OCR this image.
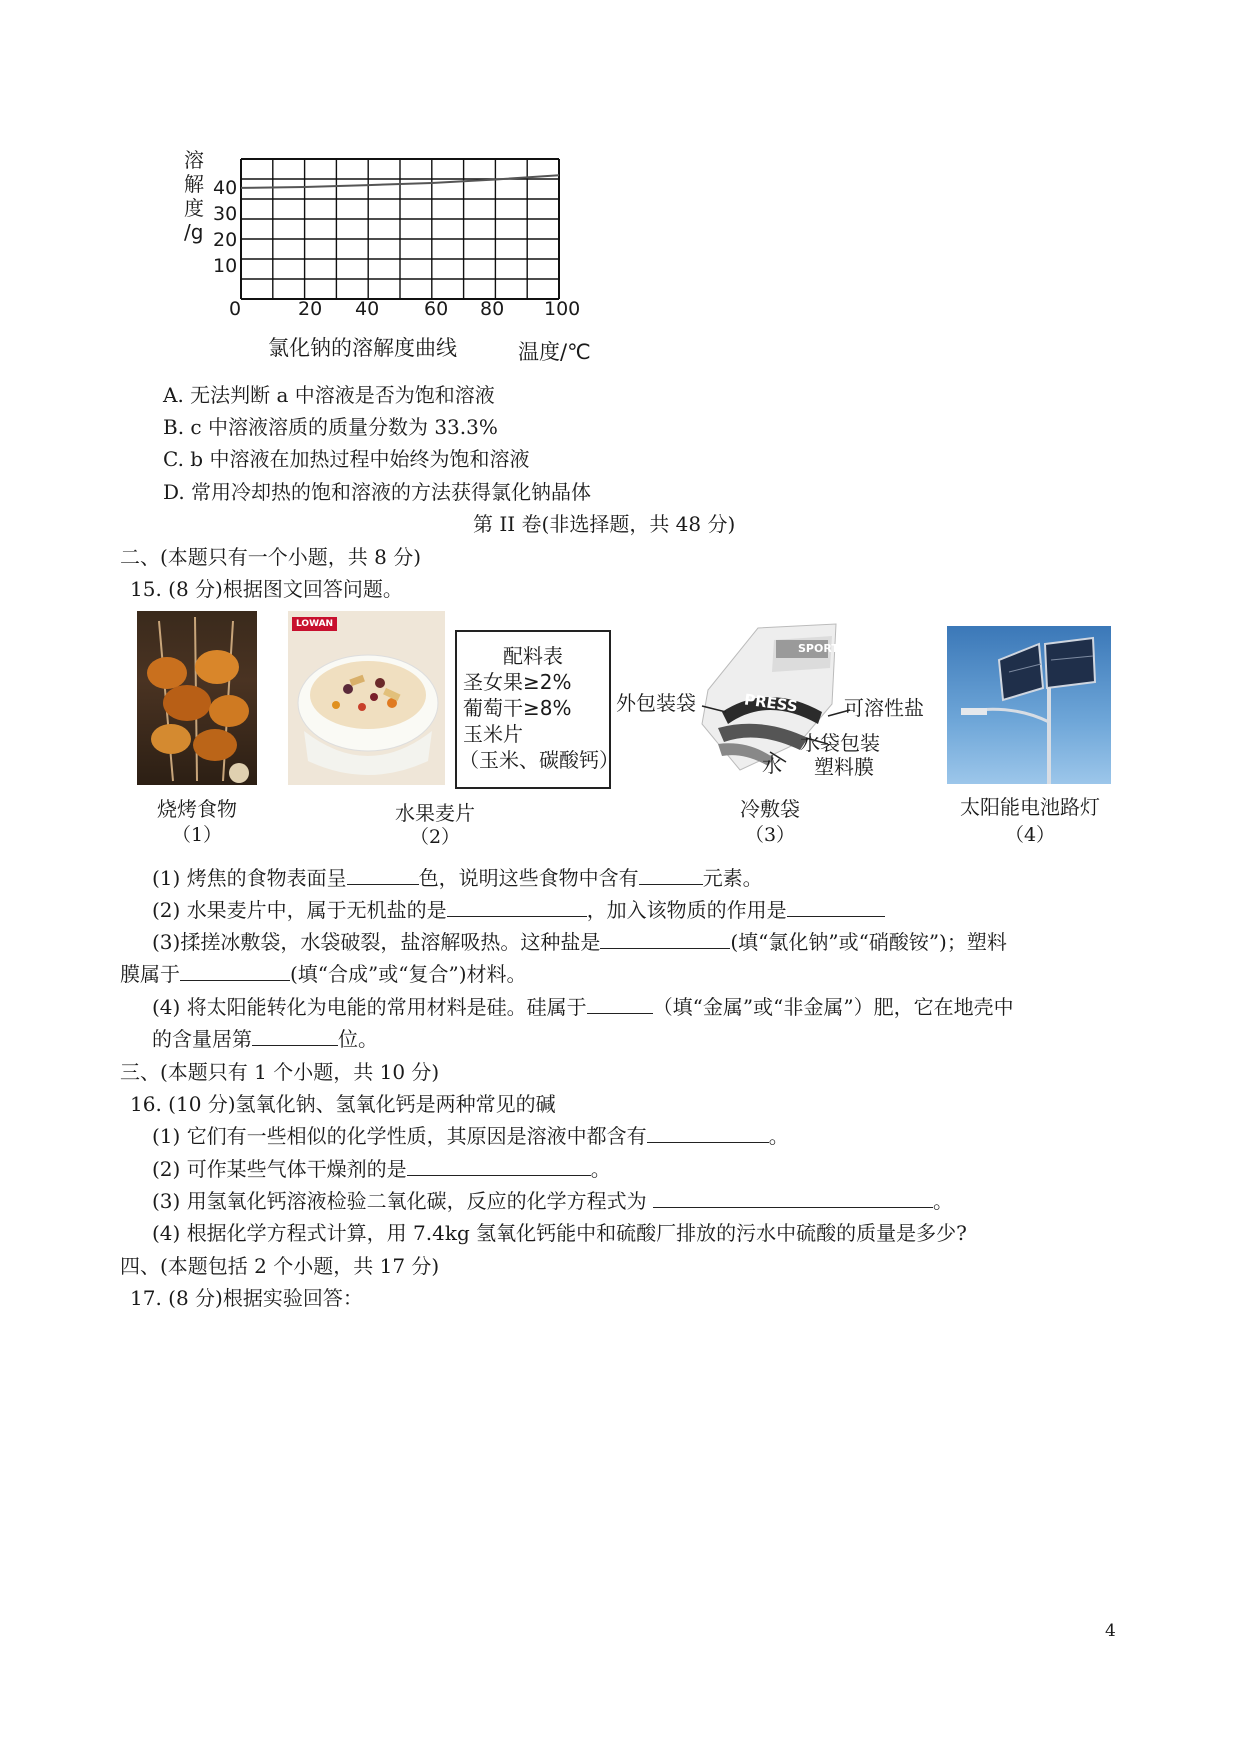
溶
解
度
/g
40
30
20
10
0	20 40 60 80 100
氯化钠的溶解度曲线	温度/℃
A. 无法判断 a 中溶液是否为饱和溶液
B. c 中溶液溶质的质量分数为 33.3%
C. b 中溶液在加热过程中始终为饱和溶液
D. 常用冷却热的饱和溶液的方法获得氯化钠晶体
第 II 卷(非选择题，共 48 分)
二、(本题只有一个小题，共 8 分)
15. (8 分)根据图文回答问题。
烧烤食物
（1）
LOWAN
配料表
圣女果≥2%
葡萄干≥8%
玉米片
（玉米、碳酸钙）
水果麦片
（2）
SPORT
PRESS
外包装袋	可溶性盐
水袋包装
塑料膜
水
冷敷袋
（3）
太阳能电池路灯
（4）
(1) 烤焦的食物表面呈	色，说明这些食物中含有	元素。
(2) 水果麦片中，属于无机盐的是	，加入该物质的作用是
(3)揉搓冰敷袋，水袋破裂，盐溶解吸热。这种盐是	(填“氯化钠”或“硝酸铵”)；塑料
膜属于	(填“合成”或“复合”)材料。
(4) 将太阳能转化为电能的常用材料是硅。硅属于	（填“金属”或“非金属”）肥，它在地壳中
的含量居第	位。
三、(本题只有 1 个小题，共 10 分)
16. (10 分)氢氧化钠、氢氧化钙是两种常见的碱
(1) 它们有一些相似的化学性质，其原因是溶液中都含有	。
(2) 可作某些气体干燥剂的是	。
(3) 用氢氧化钙溶液检验二氧化碳，反应的化学方程式为	。
(4) 根据化学方程式计算，用 7.4kg 氢氧化钙能中和硫酸厂排放的污水中硫酸的质量是多少?
四、(本题包括 2 个小题，共 17 分)
17. (8 分)根据实验回答：
4
